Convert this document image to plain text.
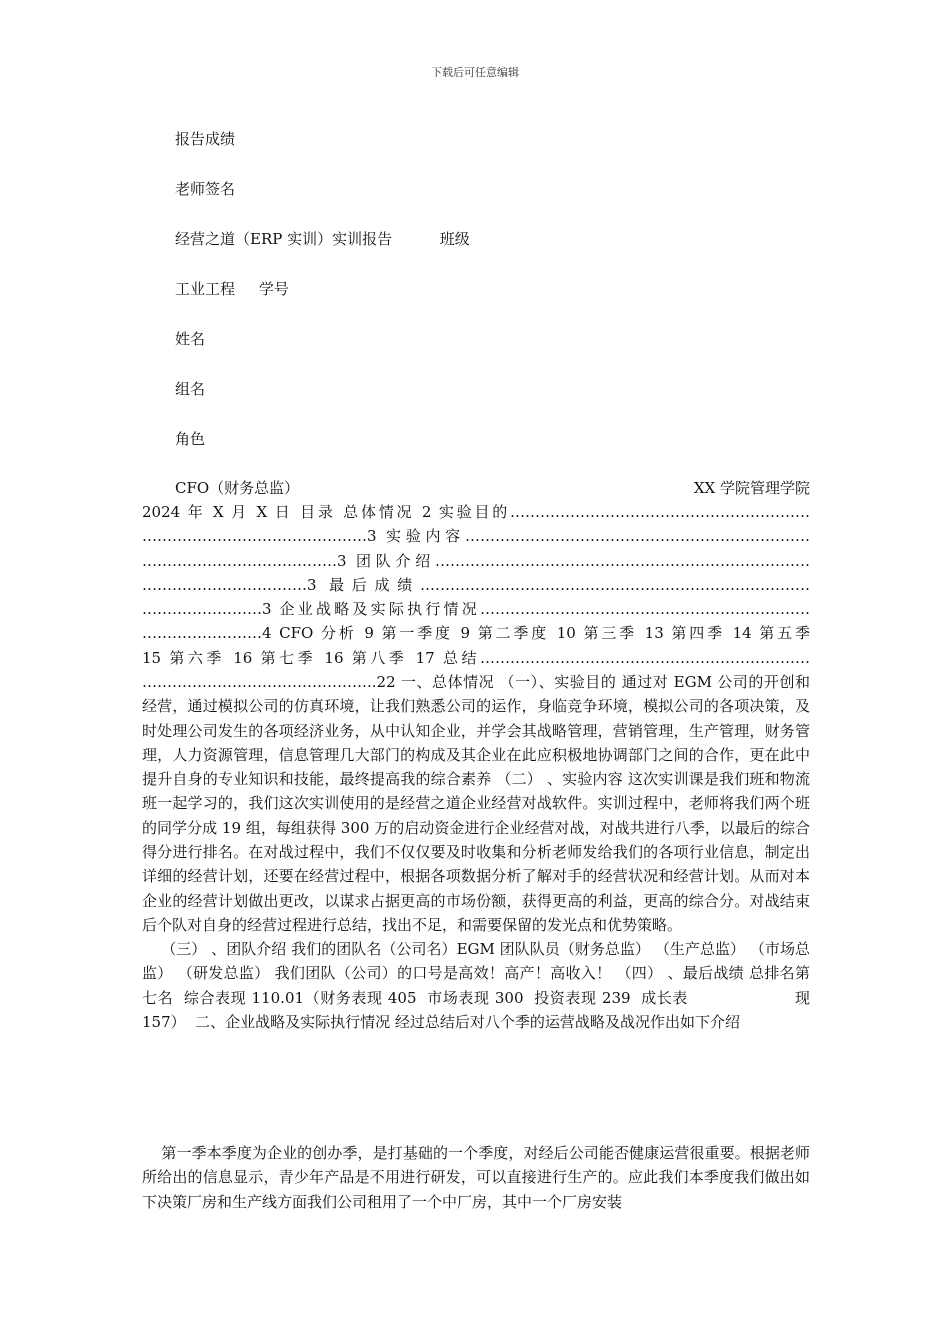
下载后可任意编辑
报告成绩
老师签名
经营之道（ERP 实训）实训报告          班级
工业工程     学号
姓名
组名
角色
CFO（财务总监）	XX 学院管理学院
2024 年 X 月 X 日 目录 总体情况 2 实验目的……………………………………………………
………………………………………3 实验内容……………………………………………………………
…………………………………3 团队介绍…………………………………………………………………
……………………………3 最后成绩……………………………………………………………………
……………………3 企业战略及实际执行情况…………………………………………………………
……………………4 CFO 分析 9 第一季度 9 第二季度 10 第三季 13 第四季 14 第五季
15 第六季 16 第七季 16 第八季 17 总结…………………………………………………………
………………………………………..22 一、总体情况 （一）、实验目的 通过对 EGM 公司的开创和经营，通过模拟公司的仿真环境，让我们熟悉公司的运作，身临竞争环境，模拟公司的各项决策，及时处理公司发生的各项经济业务，从中认知企业，并学会其战略管理，营销管理，生产管理，财务管理，人力资源管理，信息管理几大部门的构成及其企业在此应积极地协调部门之间的合作，更在此中提升自身的专业知识和技能，最终提高我的综合素养 （二） 、实验内容 这次实训课是我们班和物流班一起学习的，我们这次实训使用的是经营之道企业经营对战软件。实训过程中，老师将我们两个班的同学分成 19 组，每组获得 300 万的启动资金进行企业经营对战，对战共进行八季，以最后的综合得分进行排名。在对战过程中，我们不仅仅要及时收集和分析老师发给我们的各项行业信息，制定出详细的经营计划，还要在经营过程中，根据各项数据分析了解对手的经营状况和经营计划。从而对本企业的经营计划做出更改，以谋求占据更高的市场份额，获得更高的利益，更高的综合分。对战结束后个队对自身的经营过程进行总结，找出不足，和需要保留的发光点和优势策略。
（三） 、团队介绍 我们的团队名（公司名）EGM 团队队员（财务总监） （生产总监） （市场总监） （研发总监） 我们团队（公司）的口号是高效！高产！高收入！ （四） 、最后战绩 总排名第七名  综合表现 110.01（财务表现 405  市场表现 300  投资表现 239  成长表                    现 157）  二、企业战略及实际执行情况 经过总结后对八个季的运营战略及战况作出如下介绍
第一季本季度为企业的创办季，是打基础的一个季度，对经后公司能否健康运营很重要。根据老师所给出的信息显示，青少年产品是不用进行研发，可以直接进行生产的。应此我们本季度我们做出如下决策厂房和生产线方面我们公司租用了一个中厂房，其中一个厂房安装
